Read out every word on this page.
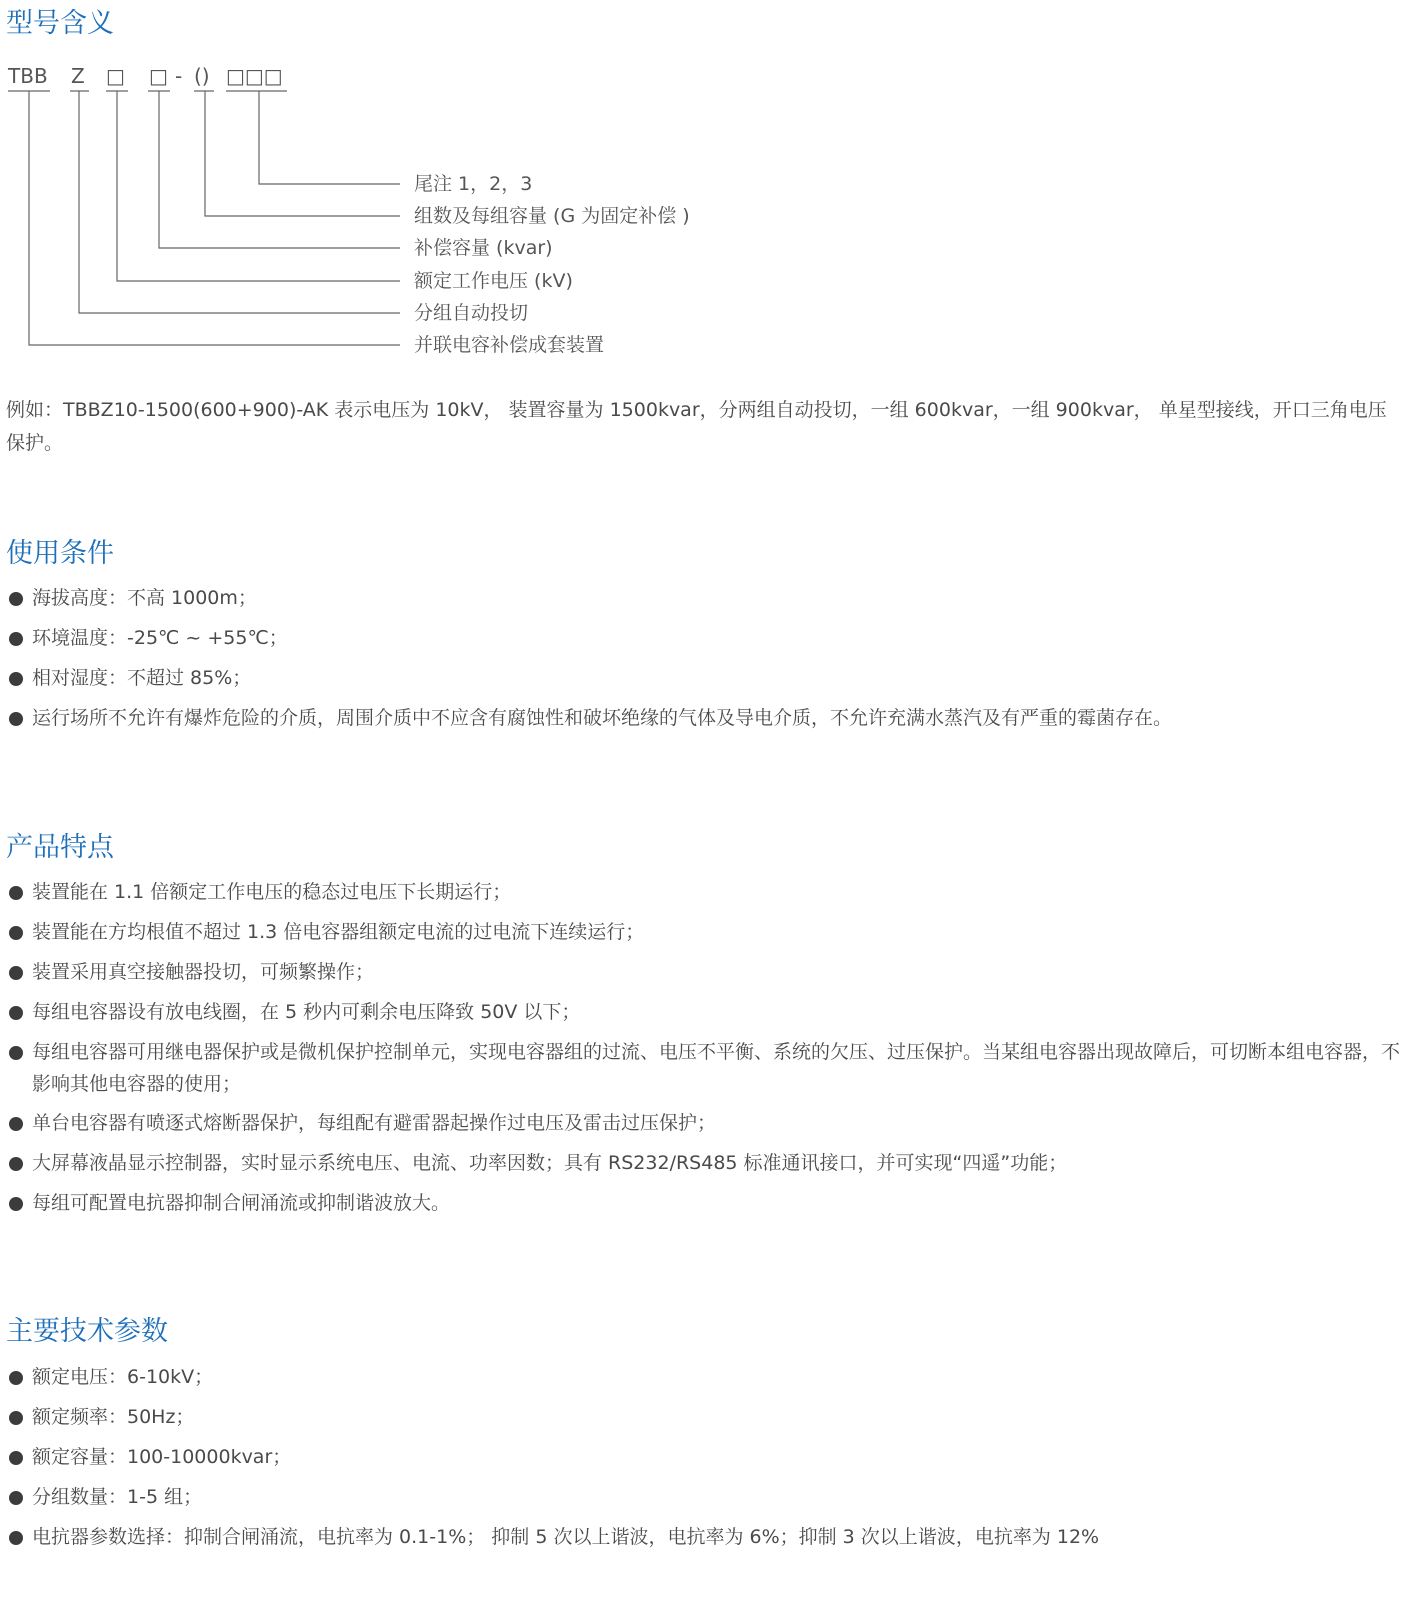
型号含义
TBB Z □ □ - () □□□
尾注 1，2，3
组数及每组容量 (G 为固定补偿 )
补偿容量 (kvar)
额定工作电压 (kV)
分组自动投切
并联电容补偿成套装置

例如：TBBZ10-1500(600+900)-AK 表示电压为 10kV， 装置容量为 1500kvar，分两组自动投切，一组 600kvar，一组 900kvar， 单星型接线，开口三角电压保护。

使用条件
海拔高度：不高 1000m；
环境温度：-25℃ ~ +55℃；
相对湿度：不超过 85%；
运行场所不允许有爆炸危险的介质，周围介质中不应含有腐蚀性和破坏绝缘的气体及导电介质，不允许充满水蒸汽及有严重的霉菌存在。
产品特点
装置能在 1.1 倍额定工作电压的稳态过电压下长期运行；
装置能在方均根值不超过 1.3 倍电容器组额定电流的过电流下连续运行；
装置采用真空接触器投切，可频繁操作；
每组电容器设有放电线圈，在 5 秒内可剩余电压降致 50V 以下；
每组电容器可用继电器保护或是微机保护控制单元，实现电容器组的过流、电压不平衡、系统的欠压、过压保护。当某组电容器出现故障后，可切断本组电容器，不影响其他电容器的使用；
单台电容器有喷逐式熔断器保护，每组配有避雷器起操作过电压及雷击过压保护；
大屏幕液晶显示控制器，实时显示系统电压、电流、功率因数；具有 RS232/RS485 标准通讯接口，并可实现“四遥”功能；
每组可配置电抗器抑制合闸涌流或抑制谐波放大。
主要技术参数
额定电压：6-10kV；
额定频率：50Hz；
额定容量：100-10000kvar；
分组数量：1-5 组；
电抗器参数选择：抑制合闸涌流，电抗率为 0.1-1%； 抑制 5 次以上谐波，电抗率为 6%；抑制 3 次以上谐波，电抗率为 12%
